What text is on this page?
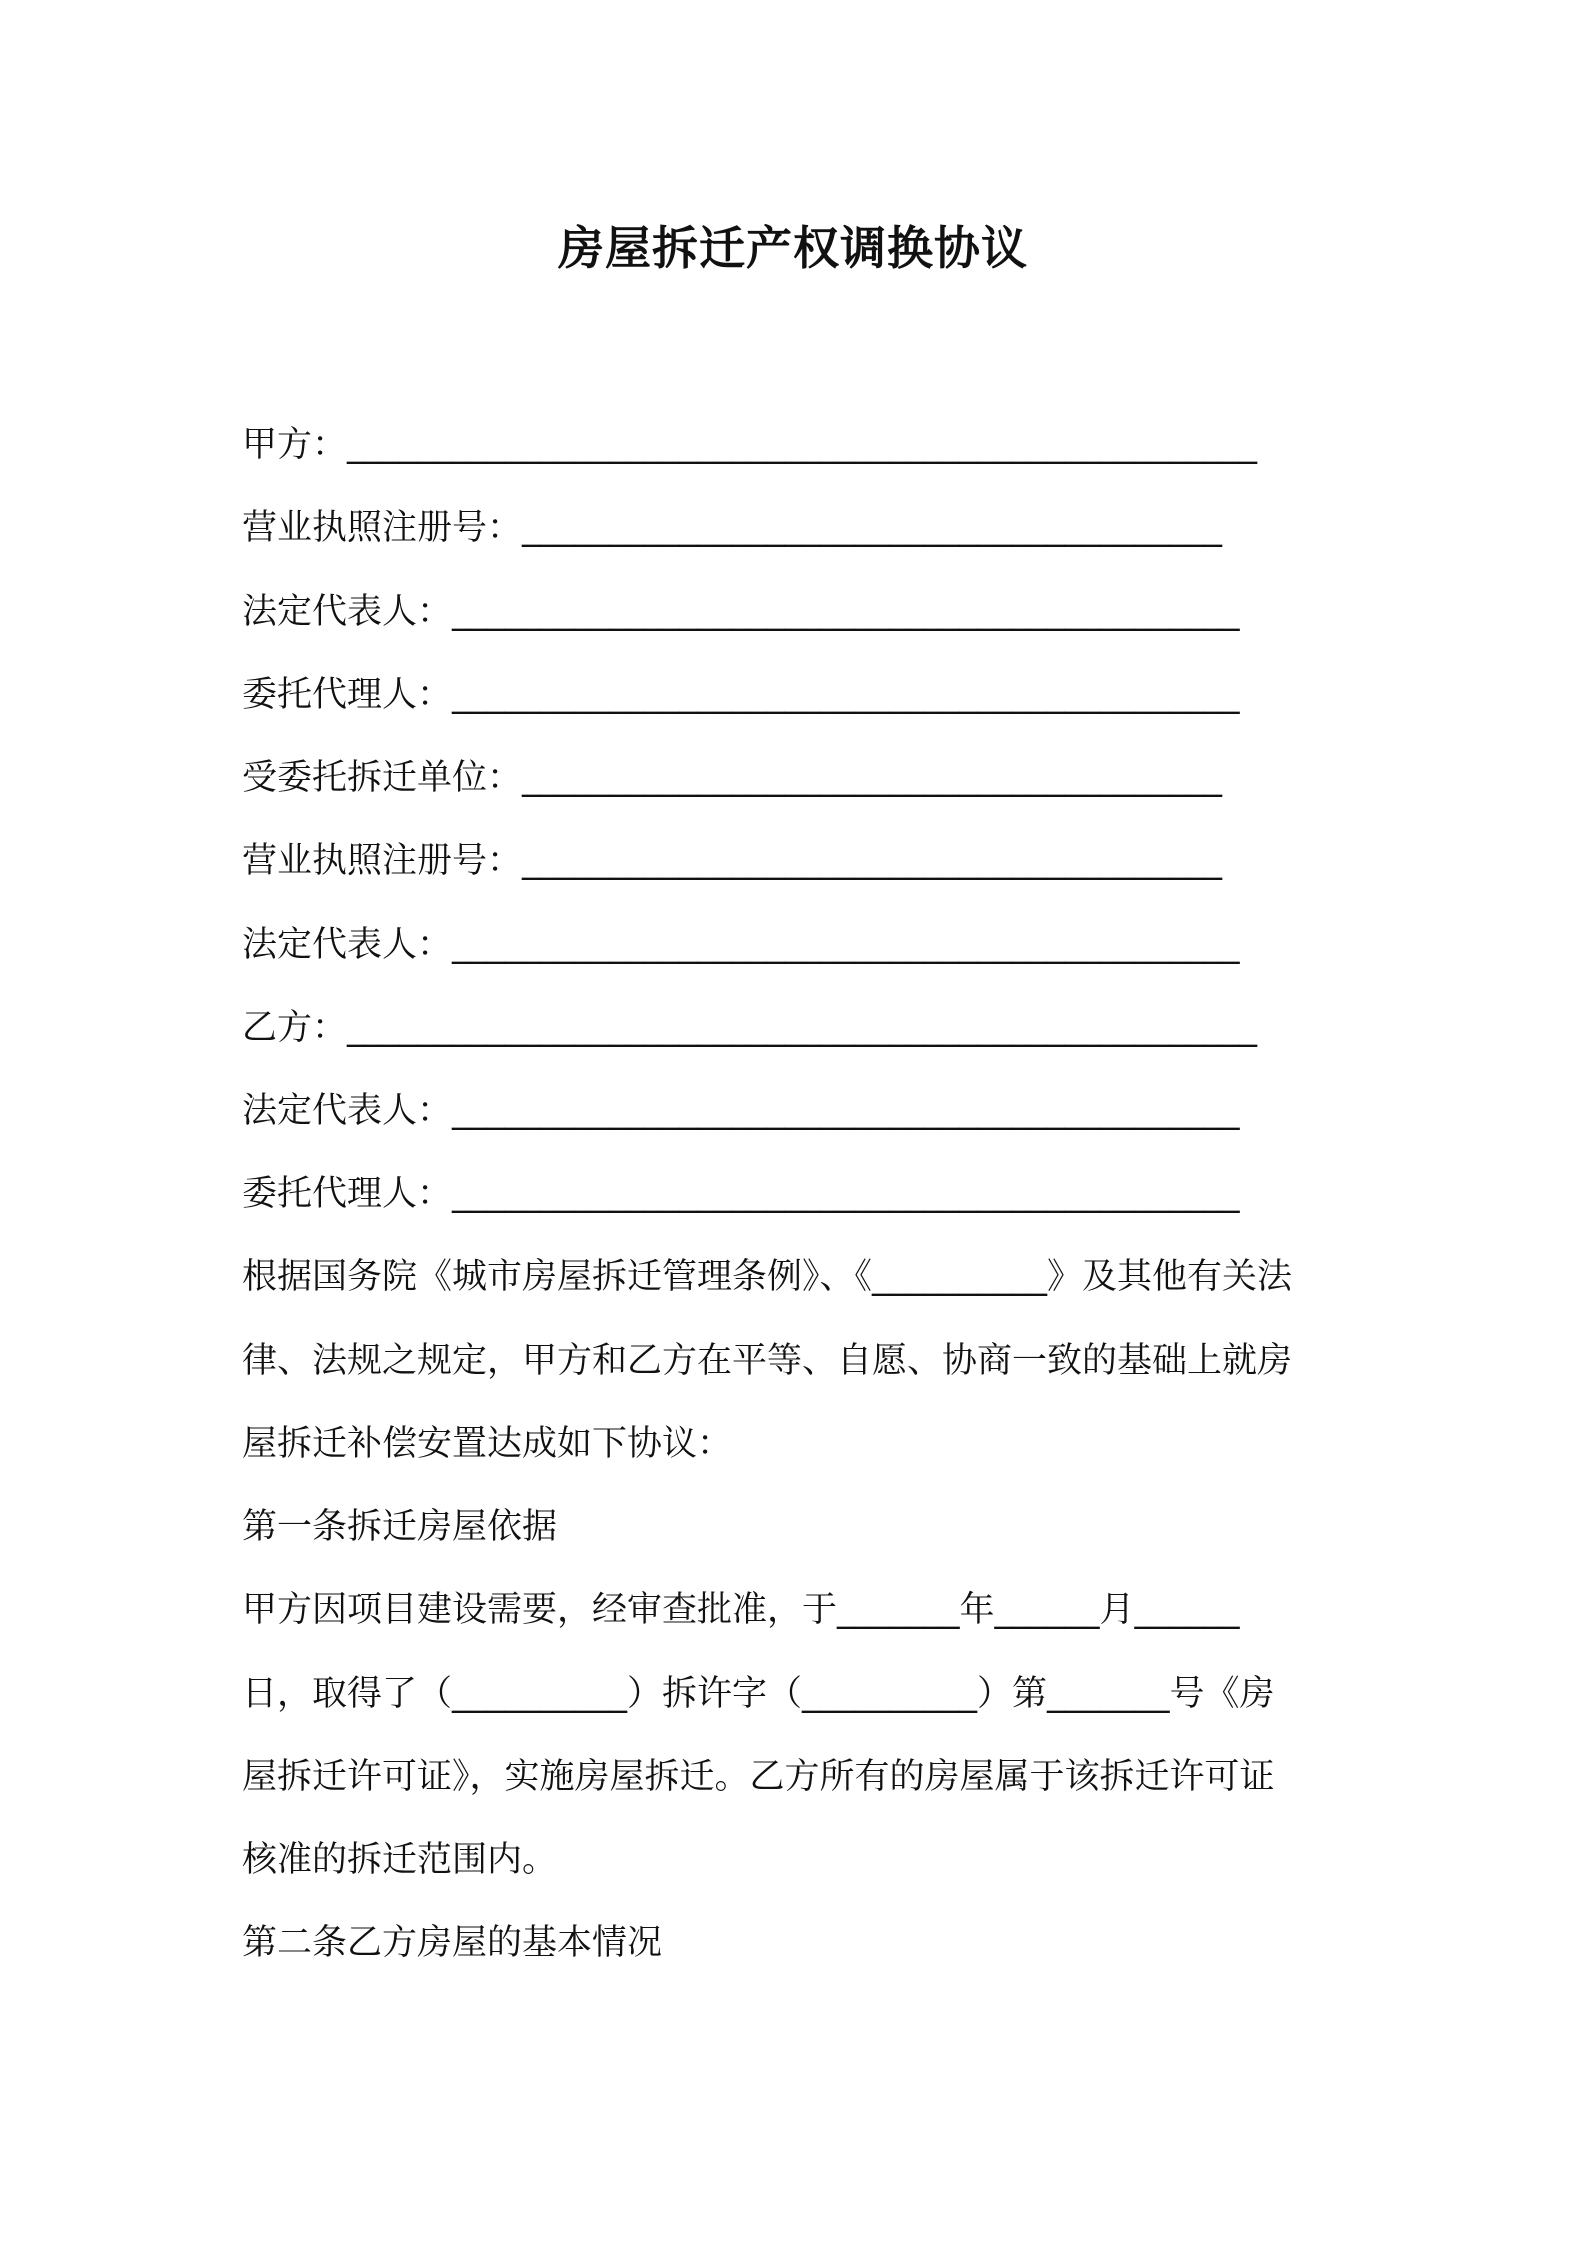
房屋拆迁产权调换协议
甲方：____________________________________________________
营业执照注册号：________________________________________
法定代表人：_____________________________________________
委托代理人：_____________________________________________
受委托拆迁单位：________________________________________
营业执照注册号：________________________________________
法定代表人：_____________________________________________
乙方：____________________________________________________
法定代表人：_____________________________________________
委托代理人：_____________________________________________
根据国务院《城市房屋拆迁管理条例》、《__________》及其他有关法
律、法规之规定，甲方和乙方在平等、自愿、协商一致的基础上就房
屋拆迁补偿安置达成如下协议：
第一条拆迁房屋依据
甲方因项目建设需要，经审查批准，于_______年______月______
日，取得了（__________）拆许字（__________）第_______号《房
屋拆迁许可证》，实施房屋拆迁。乙方所有的房屋属于该拆迁许可证
核准的拆迁范围内。
第二条乙方房屋的基本情况
